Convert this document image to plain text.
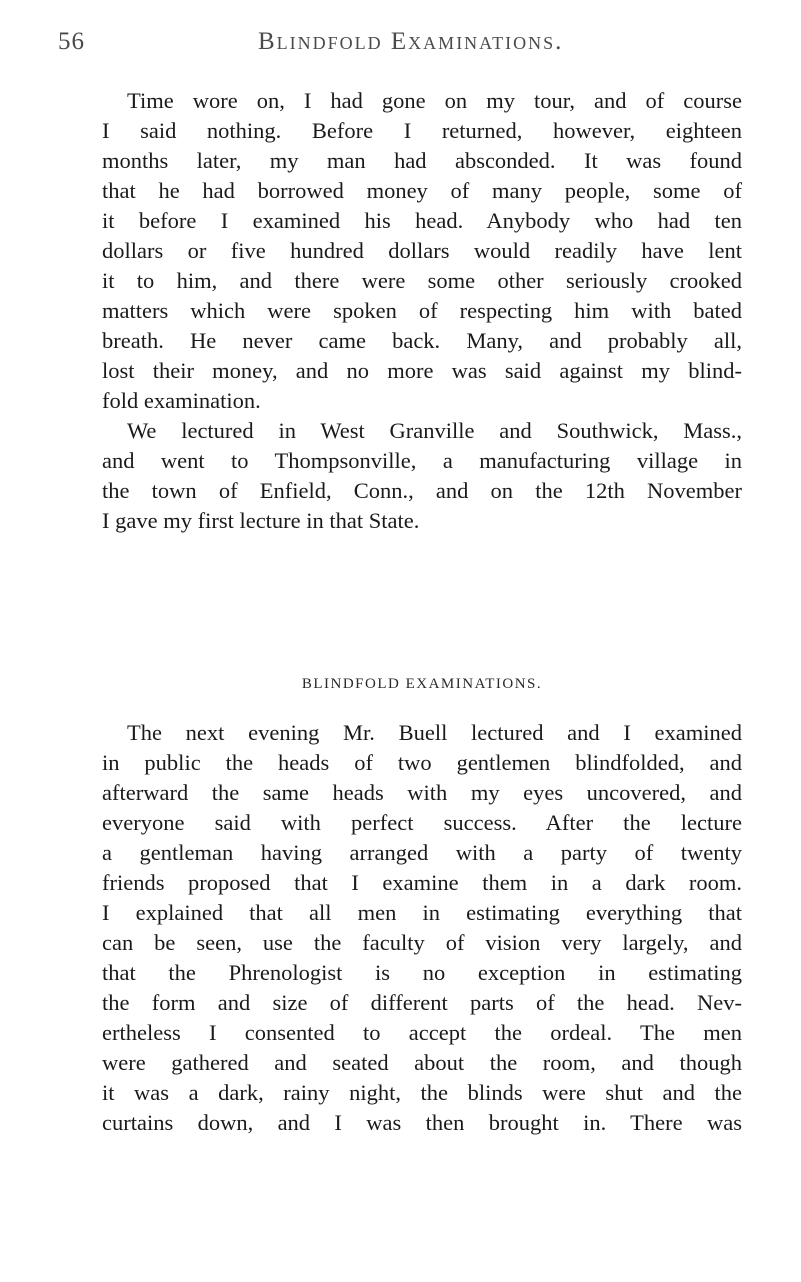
56	Blindfold Examinations.
Time wore on, I had gone on my tour, and of course
I said nothing. Before I returned, however, eighteen
months later, my man had absconded. It was found
that he had borrowed money of many people, some of
it before I examined his head. Anybody who had ten
dollars or five hundred dollars would readily have lent
it to him, and there were some other seriously crooked
matters which were spoken of respecting him with bated
breath. He never came back. Many, and probably all,
lost their money, and no more was said against my blind-
fold examination.
We lectured in West Granville and Southwick, Mass.,
and went to Thompsonville, a manufacturing village in
the town of Enfield, Conn., and on the 12th November
I gave my first lecture in that State.
BLINDFOLD EXAMINATIONS.
The next evening Mr. Buell lectured and I examined
in public the heads of two gentlemen blindfolded, and
afterward the same heads with my eyes uncovered, and
everyone said with perfect success. After the lecture
a gentleman having arranged with a party of twenty
friends proposed that I examine them in a dark room.
I explained that all men in estimating everything that
can be seen, use the faculty of vision very largely, and
that the Phrenologist is no exception in estimating
the form and size of different parts of the head. Nev-
ertheless I consented to accept the ordeal. The men
were gathered and seated about the room, and though
it was a dark, rainy night, the blinds were shut and the
curtains down, and I was then brought in. There was
